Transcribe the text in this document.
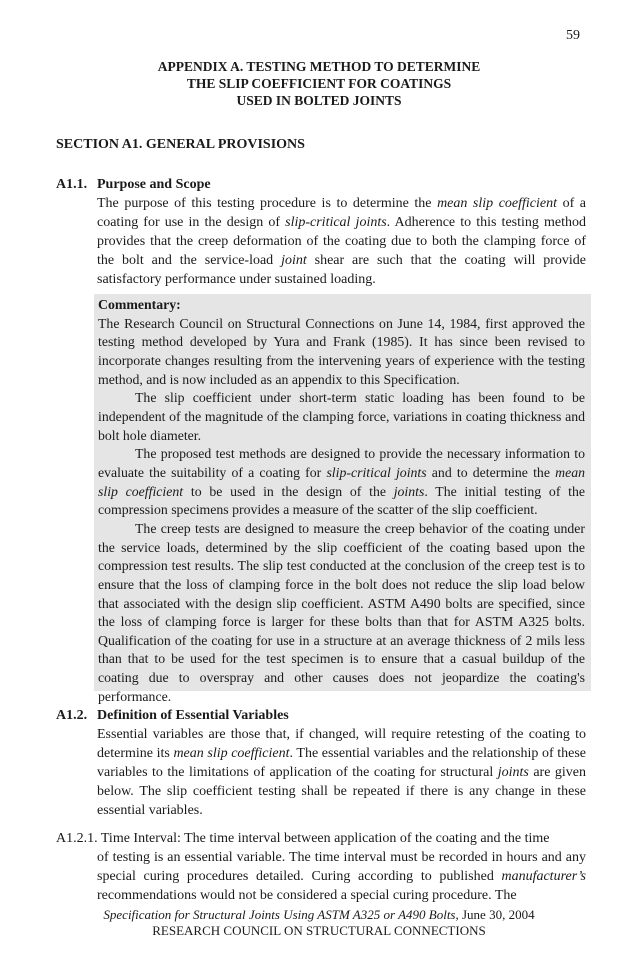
59
APPENDIX A. TESTING METHOD TO DETERMINE
THE SLIP COEFFICIENT FOR COATINGS
USED IN BOLTED JOINTS
SECTION A1. GENERAL PROVISIONS
A1.1. Purpose and Scope
The purpose of this testing procedure is to determine the mean slip coefficient of a coating for use in the design of slip-critical joints. Adherence to this testing method provides that the creep deformation of the coating due to both the clamping force of the bolt and the service-load joint shear are such that the coating will provide satisfactory performance under sustained loading.
Commentary:
The Research Council on Structural Connections on June 14, 1984, first approved the testing method developed by Yura and Frank (1985). It has since been revised to incorporate changes resulting from the intervening years of experience with the testing method, and is now included as an appendix to this Specification.
The slip coefficient under short-term static loading has been found to be independent of the magnitude of the clamping force, variations in coating thickness and bolt hole diameter.
The proposed test methods are designed to provide the necessary information to evaluate the suitability of a coating for slip-critical joints and to determine the mean slip coefficient to be used in the design of the joints. The initial testing of the compression specimens provides a measure of the scatter of the slip coefficient.
The creep tests are designed to measure the creep behavior of the coating under the service loads, determined by the slip coefficient of the coating based upon the compression test results. The slip test conducted at the conclusion of the creep test is to ensure that the loss of clamping force in the bolt does not reduce the slip load below that associated with the design slip coefficient. ASTM A490 bolts are specified, since the loss of clamping force is larger for these bolts than that for ASTM A325 bolts. Qualification of the coating for use in a structure at an average thickness of 2 mils less than that to be used for the test specimen is to ensure that a casual buildup of the coating due to overspray and other causes does not jeopardize the coating's performance.
A1.2. Definition of Essential Variables
Essential variables are those that, if changed, will require retesting of the coating to determine its mean slip coefficient. The essential variables and the relationship of these variables to the limitations of application of the coating for structural joints are given below. The slip coefficient testing shall be repeated if there is any change in these essential variables.
A1.2.1. Time Interval: The time interval between application of the coating and the time
of testing is an essential variable. The time interval must be recorded in hours and any special curing procedures detailed. Curing according to published manufacturer’s recommendations would not be considered a special curing procedure. The
Specification for Structural Joints Using ASTM A325 or A490 Bolts, June 30, 2004
RESEARCH COUNCIL ON STRUCTURAL CONNECTIONS
